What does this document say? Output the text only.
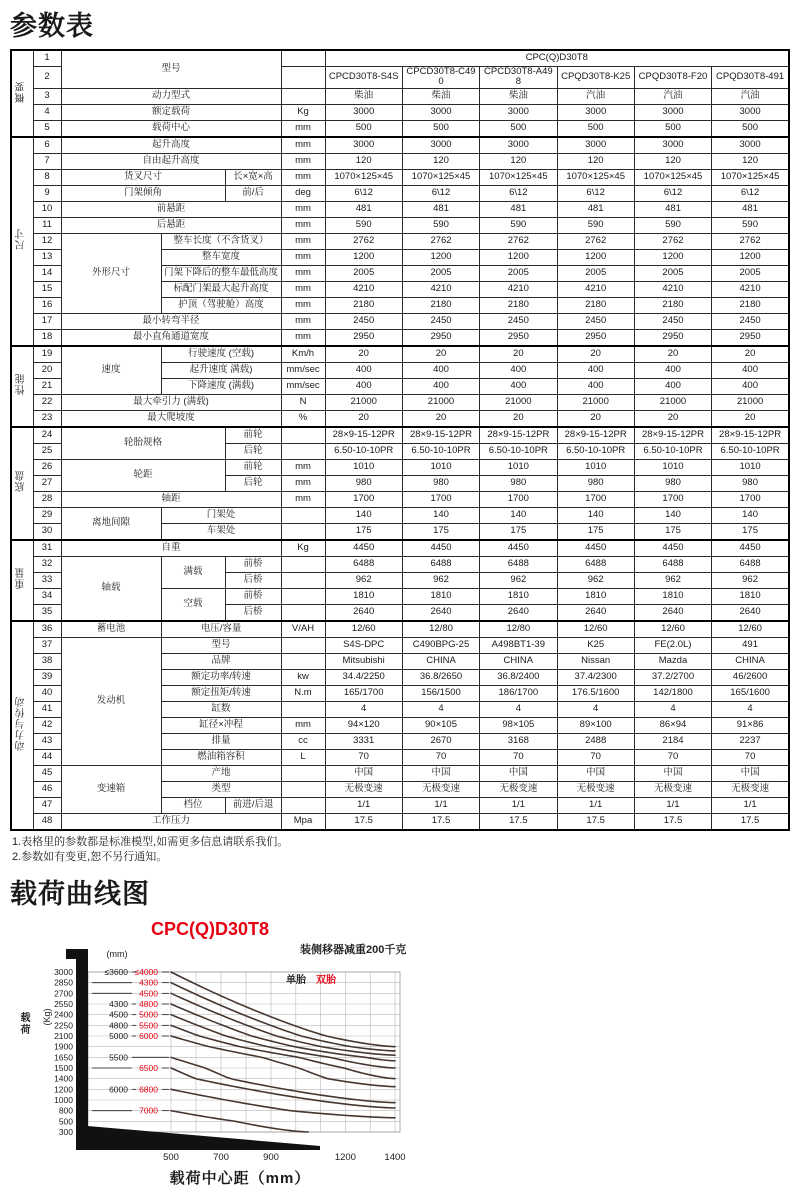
参数表
概要	1	型号				CPC(Q)D30T8					
	2					CPCD30T8-S4S	CPCD30T8-C490	CPCD30T8-A498	CPQD30T8-K25	CPQD30T8-F20	CPQD30T8-491
	3	动力型式				柴油	柴油	柴油	汽油	汽油	汽油
	4	额定载荷			Kg	3000	3000	3000	3000	3000	3000
	5	载荷中心			mm	500	500	500	500	500	500
尺寸	6	起升高度			mm	3000	3000	3000	3000	3000	3000
	7	自由起升高度			mm	120	120	120	120	120	120
	8	货叉尺寸		长×宽×高	mm	1070×125×45	1070×125×45	1070×125×45	1070×125×45	1070×125×45	1070×125×45
	9	门架倾角		前/后	deg	6\12	6\12	6\12	6\12	6\12	6\12
	10	前悬距			mm	481	481	481	481	481	481
	11	后悬距			mm	590	590	590	590	590	590
	12	外形尺寸	整车长度（不含货叉）		mm	2762	2762	2762	2762	2762	2762
	13		整车宽度		mm	1200	1200	1200	1200	1200	1200
	14		门架下降后的整车最低高度		mm	2005	2005	2005	2005	2005	2005
	15		标配门架最大起升高度		mm	4210	4210	4210	4210	4210	4210
	16		护顶（驾驶舱）高度		mm	2180	2180	2180	2180	2180	2180
	17	最小转弯半径			mm	2450	2450	2450	2450	2450	2450
	18	最小直角通道宽度			mm	2950	2950	2950	2950	2950	2950
性能	19	速度	行驶速度 (空载)		Km/h	20	20	20	20	20	20
	20		起升速度 满载)		mm/sec	400	400	400	400	400	400
	21		下降速度 (满载)		mm/sec	400	400	400	400	400	400
	22	最大牵引力 (满载)			N	21000	21000	21000	21000	21000	21000
	23	最大爬坡度			%	20	20	20	20	20	20
底盘	24	轮胎规格		前轮		28×9-15-12PR	28×9-15-12PR	28×9-15-12PR	28×9-15-12PR	28×9-15-12PR	28×9-15-12PR
	25			后轮		6.50-10-10PR	6.50-10-10PR	6.50-10-10PR	6.50-10-10PR	6.50-10-10PR	6.50-10-10PR
	26	轮距		前轮	mm	1010	1010	1010	1010	1010	1010
	27			后轮	mm	980	980	980	980	980	980
	28	轴距			mm	1700	1700	1700	1700	1700	1700
	29	离地间隙	门架处			140	140	140	140	140	140
	30		车架处			175	175	175	175	175	175
重量	31	自重			Kg	4450	4450	4450	4450	4450	4450
	32	轴载	满载	前桥		6488	6488	6488	6488	6488	6488
	33			后桥		962	962	962	962	962	962
	34		空载	前桥		1810	1810	1810	1810	1810	1810
	35			后桥		2640	2640	2640	2640	2640	2640
动力与传动	36	蓄电池	电压/容量		V/AH	12/60	12/80	12/80	12/60	12/60	12/60
	37	发动机	型号			S4S-DPC	C490BPG-25	A498BT1-39	K25	FE(2.0L)	491
	38		品牌			Mitsubishi	CHINA	CHINA	Nissan	Mazda	CHINA
	39		额定功率/转速		kw	34.4/2250	36.8/2650	36.8/2400	37.4/2300	37.2/2700	46/2600
	40		额定扭矩/转速		N.m	165/1700	156/1500	186/1700	176.5/1600	142/1800	165/1600
	41		缸数			4	4	4	4	4	4
	42		缸径×冲程		mm	94×120	90×105	98×105	89×100	86×94	91×86
	43		排量		cc	3331	2670	3168	2488	2184	2237
	44		燃油箱容积		L	70	70	70	70	70	70
	45	变速箱	产地			中国	中国	中国	中国	中国	中国
	46		类型			无极变速	无极变速	无极变速	无极变速	无极变速	无极变速
	47		档位	前进/后退		1/1	1/1	1/1	1/1	1/1	1/1
	48	工作压力			Mpa	17.5	17.5	17.5	17.5	17.5	17.5
1.表格里的参数都是标准模型,如需更多信息请联系我们。
2.参数如有变更,恕不另行通知。
载荷曲线图
3000
2850
2700
2550
2400
2250
2100
1900
1650
1500
1400
1200
1000
800
500
300
(mm)
(Kg)
500	700	900	1200	1400
≤3600 ≤4000
4300
4500
4300 4800
4500 5000
4800 5500
5000 6000
5500
6500
6000 6800
7000
CPC(Q)D30T8
装侧移器减重200千克
单胎 双胎
载荷
载荷中心距（mm）
